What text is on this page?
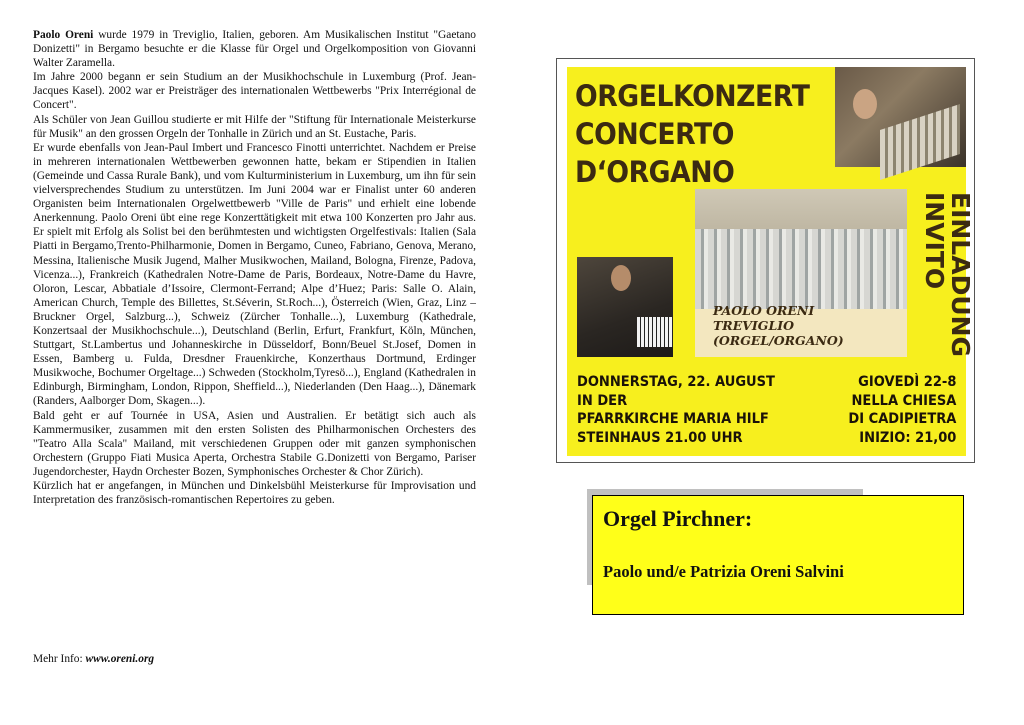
Paolo Oreni wurde 1979 in Treviglio, Italien, geboren. Am Musikalischen Institut "Gaetano Donizetti" in Bergamo besuchte er die Klasse für Orgel und Orgelkomposition von Giovanni Walter Zaramella.

Im Jahre 2000 begann er sein Studium an der Musikhochschule in Luxemburg (Prof. Jean-Jacques Kasel). 2002 war er Preisträger des internationalen Wettbewerbs "Prix Interrégional de Concert".

Als Schüler von Jean Guillou studierte er mit Hilfe der "Stiftung für Internationale Meisterkurse für Musik" an den grossen Orgeln der Tonhalle in Zürich und an St. Eustache, Paris.

Er wurde ebenfalls von Jean-Paul Imbert und Francesco Finotti unterrichtet. Nachdem er Preise in mehreren internationalen Wettbewerben gewonnen hatte, bekam er Stipendien in Italien (Gemeinde und Cassa Rurale Bank), und vom Kulturministerium in Luxemburg, um ihn für sein vielversprechendes Studium zu unterstützen. Im Juni 2004 war er Finalist unter 60 anderen Organisten beim Internationalen Orgelwettbewerb "Ville de Paris" und erhielt eine lobende Anerkennung. Paolo Oreni übt eine rege Konzerttätigkeit mit etwa 100 Konzerten pro Jahr aus. Er spielt mit Erfolg als Solist bei den berühmtesten und wichtigsten Orgelfestivals: Italien (Sala Piatti in Bergamo,Trento-Philharmonie, Domen in Bergamo, Cuneo, Fabriano, Genova, Merano, Messina, Italienische Musik Jugend, Malher Musikwochen, Mailand, Bologna, Firenze, Padova, Vicenza...), Frankreich (Kathedralen Notre-Dame de Paris, Bordeaux, Notre-Dame du Havre, Oloron, Lescar, Abbatiale d’Issoire, Clermont-Ferrand; Alpe d’Huez; Paris: Salle O. Alain, American Church, Temple des Billettes, St.Séverin, St.Roch...), Österreich (Wien, Graz, Linz – Bruckner Orgel, Salzburg...), Schweiz (Zürcher Tonhalle...), Luxemburg (Kathedrale, Konzertsaal der Musikhochschule...), Deutschland (Berlin, Erfurt, Frankfurt, Köln, München, Stuttgart, St.Lambertus und Johanneskirche in Düsseldorf, Bonn/Beuel St.Josef, Domen in Essen, Bamberg u. Fulda, Dresdner Frauenkirche, Konzerthaus Dortmund, Erdinger Musikwoche, Bochumer Orgeltage...) Schweden (Stockholm,Tyresö...), England (Kathedralen in Edinburgh, Birmingham, London, Rippon, Sheffield...), Niederlanden (Den Haag...), Dänemark (Randers, Aalborger Dom, Skagen...).

Bald geht er auf Tournée in USA, Asien und Australien. Er betätigt sich auch als Kammermusiker, zusammen mit den ersten Solisten des Philharmonischen Orchesters des "Teatro Alla Scala" Mailand, mit verschiedenen Gruppen oder mit ganzen symphonischen Orchestern (Gruppo Fiati Musica Aperta, Orchestra Stabile G.Donizetti von Bergamo, Pariser Jugendorchester, Haydn Orchester Bozen, Symphonisches Orchester & Chor Zürich).

Kürzlich hat er angefangen, in München und Dinkelsbühl Meisterkurse für Improvisation und Interpretation des französisch-romantischen Repertoires zu geben.

Mehr Info: www.oreni.org
ORGELKONZERT
CONCERTO
D‘ORGANO
EINLADUNG
INVITO
PAOLO ORENI
TREVIGLIO
(ORGEL/ORGANO)
DONNERSTAG, 22. AUGUST
IN DER
PFARRKIRCHE MARIA HILF
STEINHAUS 21.00 UHR
GIOVEDÌ 22-8
NELLA CHIESA
DI CADIPIETRA
INIZIO: 21,00
Orgel Pirchner:
Paolo und/e Patrizia Oreni Salvini
